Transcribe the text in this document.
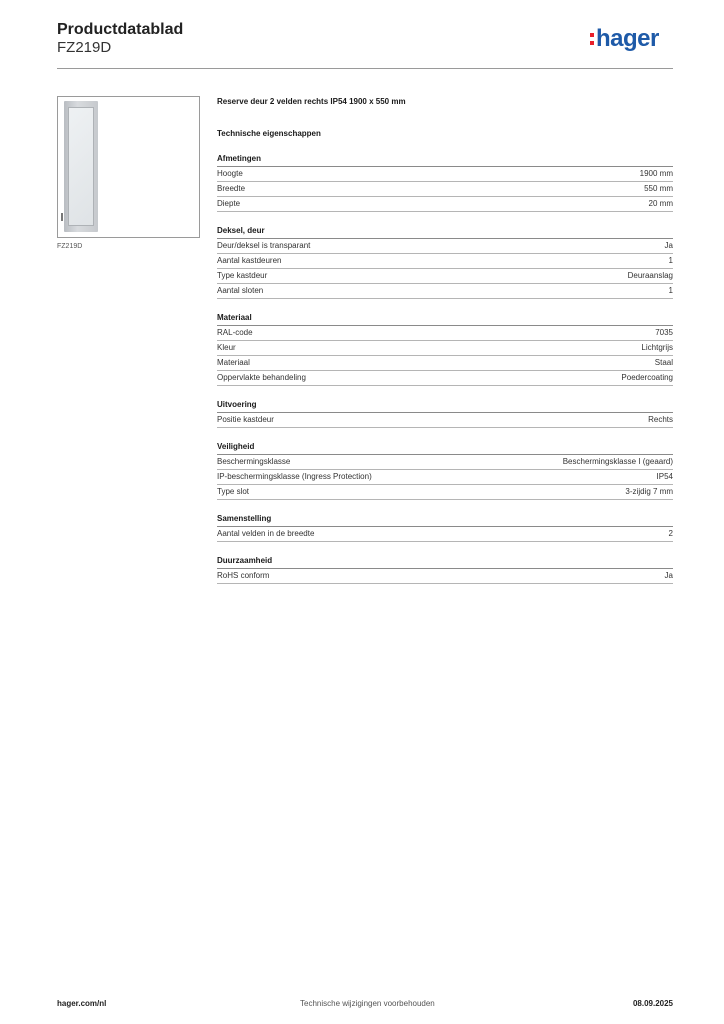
Productdatablad
FZ219D	hager
FZ219D
Reserve deur 2 velden rechts IP54 1900 x 550 mm
Technische eigenschappen
Afmetingen
Hoogte	1900 mm
Breedte	550 mm
Diepte	20 mm
Deksel, deur
Deur/deksel is transparant	Ja
Aantal kastdeuren	1
Type kastdeur	Deuraanslag
Aantal sloten	1
Materiaal
RAL-code	7035
Kleur	Lichtgrijs
Materiaal	Staal
Oppervlakte behandeling	Poedercoating
Uitvoering
Positie kastdeur	Rechts
Veiligheid
Beschermingsklasse	Beschermingsklasse I (geaard)
IP-beschermingsklasse (Ingress Protection)	IP54
Type slot	3-zijdig 7 mm
Samenstelling
Aantal velden in de breedte	2
Duurzaamheid
RoHS conform	Ja
hager.com/nl	Technische wijzigingen voorbehouden	08.09.2025
